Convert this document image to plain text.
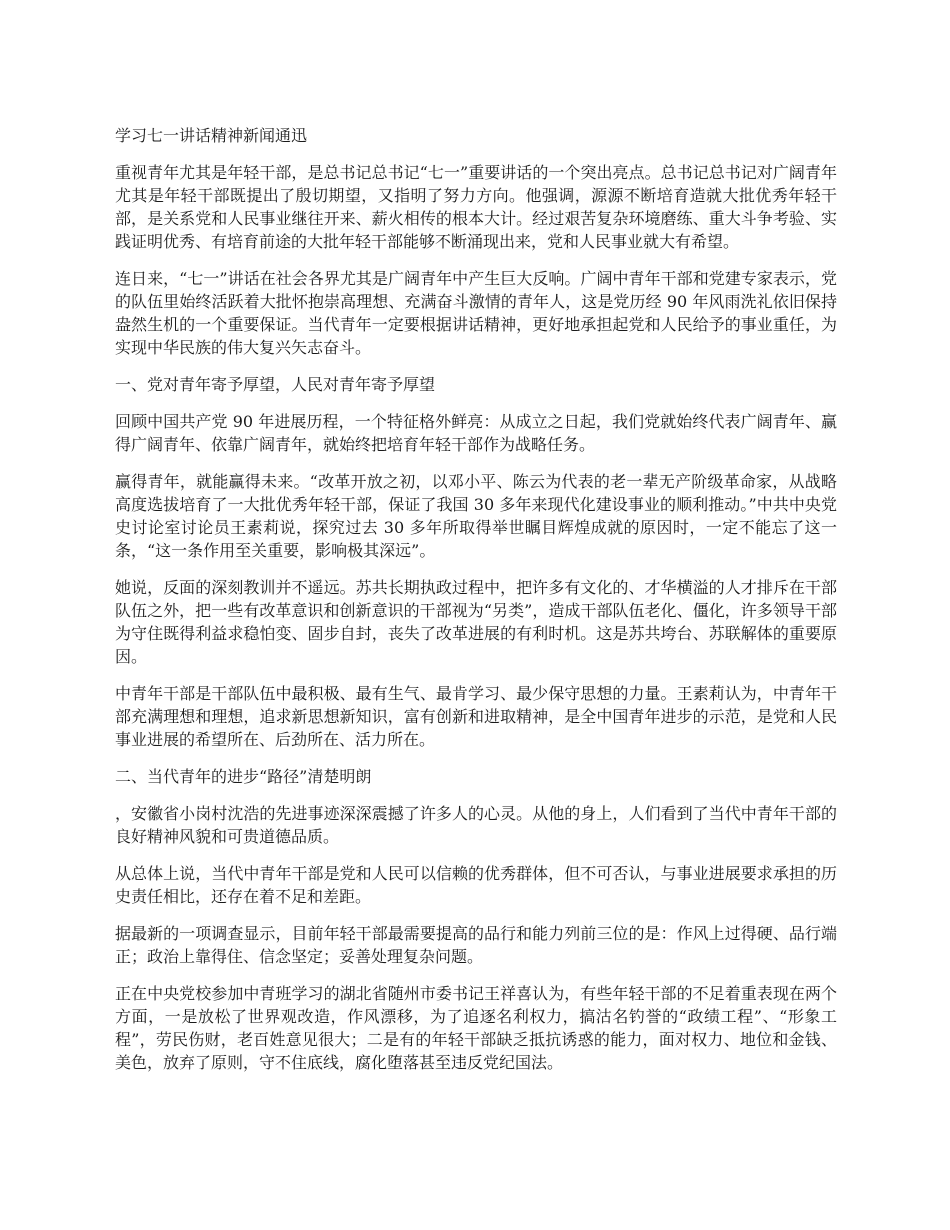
学习七一讲话精神新闻通迅

重视青年尤其是年轻干部，是总书记总书记“七一”重要讲话的一个突出亮点。总书记总书记对广阔青年尤其是年轻干部既提出了殷切期望，又指明了努力方向。他强调，源源不断培育造就大批优秀年轻干部，是关系党和人民事业继往开来、薪火相传的根本大计。经过艰苦复杂环境磨练、重大斗争考验、实践证明优秀、有培育前途的大批年轻干部能够不断涌现出来，党和人民事业就大有希望。

连日来，“七一”讲话在社会各界尤其是广阔青年中产生巨大反响。广阔中青年干部和党建专家表示，党的队伍里始终活跃着大批怀抱崇高理想、充满奋斗激情的青年人，这是党历经 90 年风雨洗礼依旧保持盎然生机的一个重要保证。当代青年一定要根据讲话精神，更好地承担起党和人民给予的事业重任，为实现中华民族的伟大复兴矢志奋斗。

一、党对青年寄予厚望，人民对青年寄予厚望

回顾中国共产党 90 年进展历程，一个特征格外鲜亮：从成立之日起，我们党就始终代表广阔青年、赢得广阔青年、依靠广阔青年，就始终把培育年轻干部作为战略任务。

赢得青年，就能赢得未来。“改革开放之初，以邓小平、陈云为代表的老一辈无产阶级革命家，从战略高度选拔培育了一大批优秀年轻干部，保证了我国 30 多年来现代化建设事业的顺利推动。”中共中央党史讨论室讨论员王素莉说，探究过去 30 多年所取得举世瞩目辉煌成就的原因时，一定不能忘了这一条，“这一条作用至关重要，影响极其深远”。

她说，反面的深刻教训并不遥远。苏共长期执政过程中，把许多有文化的、才华横溢的人才排斥在干部队伍之外，把一些有改革意识和创新意识的干部视为“另类”，造成干部队伍老化、僵化，许多领导干部为守住既得利益求稳怕变、固步自封，丧失了改革进展的有利时机。这是苏共垮台、苏联解体的重要原因。

中青年干部是干部队伍中最积极、最有生气、最肯学习、最少保守思想的力量。王素莉认为，中青年干部充满理想和理想，追求新思想新知识，富有创新和进取精神，是全中国青年进步的示范，是党和人民事业进展的希望所在、后劲所在、活力所在。

二、当代青年的进步“路径”清楚明朗

，安徽省小岗村沈浩的先进事迹深深震撼了许多人的心灵。从他的身上，人们看到了当代中青年干部的良好精神风貌和可贵道德品质。

从总体上说，当代中青年干部是党和人民可以信赖的优秀群体，但不可否认，与事业进展要求承担的历史责任相比，还存在着不足和差距。

据最新的一项调查显示，目前年轻干部最需要提高的品行和能力列前三位的是：作风上过得硬、品行端正；政治上靠得住、信念坚定；妥善处理复杂问题。

正在中央党校参加中青班学习的湖北省随州市委书记王祥喜认为，有些年轻干部的不足着重表现在两个方面，一是放松了世界观改造，作风漂移，为了追逐名利权力，搞沽名钓誉的“政绩工程”、“形象工程”，劳民伤财，老百姓意见很大；二是有的年轻干部缺乏抵抗诱惑的能力，面对权力、地位和金钱、美色，放弃了原则，守不住底线，腐化堕落甚至违反党纪国法。
